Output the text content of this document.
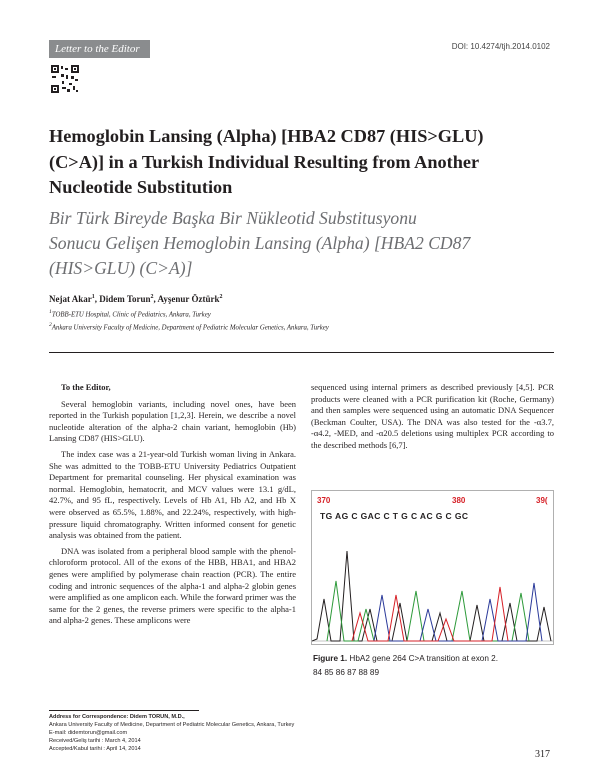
Letter to the Editor	DOI: 10.4274/tjh.2014.0102
Hemoglobin Lansing (Alpha) [HBA2 CD87 (HIS>GLU)
(C>A)] in a Turkish Individual Resulting from Another
Nucleotide Substitution
Bir Türk Bireyde Başka Bir Nükleotid Substitusyonu
Sonucu Gelişen Hemoglobin Lansing (Alpha) [HBA2 CD87
(HIS>GLU) (C>A)]
Nejat Akar$^1$, Didem Torun$^2$, Ayşenur Öztürk$^2$
$^1$TOBB-ETU Hospital, Clinic of Pediatrics, Ankara, Turkey
$^2$Ankara University Faculty of Medicine, Department of Pediatric Molecular Genetics, Ankara, Turkey

To the Editor,

Several hemoglobin variants, including novel ones, have been reported in the Turkish population [1,2,3]. Herein, we describe a novel nucleotide alteration of the alpha-2 chain variant, hemoglobin (Hb) Lansing CD87 (HIS>GLU).

The index case was a 21-year-old Turkish woman living in Ankara. She was admitted to the TOBB-ETU University Pediatrics Outpatient Department for premarital counseling. Her physical examination was normal. Hemoglobin, hematocrit, and MCV values were 13.1 g/dL, 42.7%, and 95 fL, respectively. Levels of Hb A1, Hb A2, and Hb X were observed as 65.5%, 1.88%, and 22.24%, respectively, with high-pressure liquid chromatography. Written informed consent for genetic analysis was obtained from the patient.

DNA was isolated from a peripheral blood sample with the phenol-chloroform protocol. All of the exons of the HBB, HBA1, and HBA2 genes were amplified by polymerase chain reaction (PCR). The entire coding and intronic sequences of the alpha-1 and alpha-2 globin genes were amplified as one amplicon each. While the forward primer was the same for the 2 genes, the reverse primers were specific to the alpha-1 and alpha-2 genes. These amplicons were

sequenced using internal primers as described previously [4,5]. PCR products were cleaned with a PCR purification kit (Roche, Germany) and then samples were sequenced using an automatic DNA Sequencer (Beckman Coulter, USA). The DNA was also tested for the -α3.7, -α4.2, -MED, and -α20.5 deletions using multiplex PCR according to the described methods [6,7].

370	380	39(
TG AG C GAC C T G C AC G C GC
Figure 1. HbA2 gene 264 C>A transition at exon 2.
84 85 86 87 88 89
Address for Correspondence: Didem TORUN, M.D.,
Ankara University Faculty of Medicine, Department of Pediatric Molecular Genetics, Ankara, Turkey
E-mail: didemtorun@gmail.com
Received/Geliş tarihi : March 4, 2014
Accepted/Kabul tarihi : April 14, 2014	317
